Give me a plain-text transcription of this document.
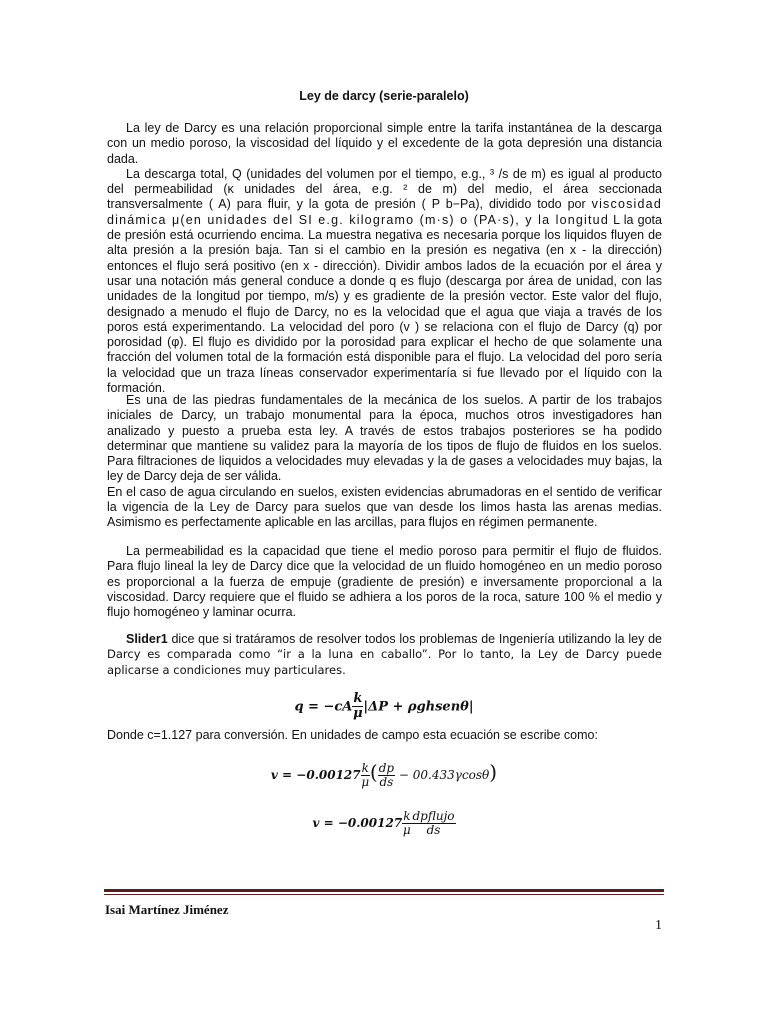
Ley de darcy (serie-paralelo)

La ley de Darcy es una relación proporcional simple entre la tarifa instantánea de la descarga con un medio poroso, la viscosidad del líquido y el excedente de la gota depresión una distancia dada.

La descarga total, Q (unidades del volumen por el tiempo, e.g., ³ /s de m) es igual al producto del permeabilidad (κ unidades del área, e.g. ² de m) del medio, el área seccionada transversalmente ( A) para fluir, y la gota de presión ( P b−Pa), dividido todo por viscosidad dinámica μ(en unidades del SI e.g. kilogramo (m·s) o (PA·s), y la longitud L la gota de presión está ocurriendo encima. La muestra negativa es necesaria porque los liquidos fluyen de alta presión a la presión baja. Tan si el cambio en la presión es negativa (en x - la dirección) entonces el flujo será positivo (en x - dirección). Dividir ambos lados de la ecuación por el área y usar una notación más general conduce a donde q es flujo (descarga por área de unidad, con las unidades de la longitud por tiempo, m/s) y es gradiente de la presión vector. Este valor del flujo, designado a menudo el flujo de Darcy, no es la velocidad que el agua que viaja a través de los poros está experimentando. La velocidad del poro (v ) se relaciona con el flujo de Darcy (q) por porosidad (φ). El flujo es dividido por la porosidad para explicar el hecho de que solamente una fracción del volumen total de la formación está disponible para el flujo. La velocidad del poro sería la velocidad que un traza líneas conservador experimentaría si fue llevado por el líquido con la formación.

Es una de las piedras fundamentales de la mecánica de los suelos. A partir de los trabajos iniciales de Darcy, un trabajo monumental para la época, muchos otros investigadores han analizado y puesto a prueba esta ley. A través de estos trabajos posteriores se ha podido determinar que mantiene su validez para la mayoría de los tipos de flujo de fluidos en los suelos. Para filtraciones de liquidos a velocidades muy elevadas y la de gases a velocidades muy bajas, la ley de Darcy deja de ser válida.

En el caso de agua circulando en suelos, existen evidencias abrumadoras en el sentido de verificar la vigencia de la Ley de Darcy para suelos que van desde los limos hasta las arenas medias. Asimismo es perfectamente aplicable en las arcillas, para flujos en régimen permanente.

La permeabilidad es la capacidad que tiene el medio poroso para permitir el flujo de fluidos. Para flujo lineal la ley de Darcy dice que la velocidad de un fluido homogéneo en un medio poroso es proporcional a la fuerza de empuje (gradiente de presión) e inversamente proporcional a la viscosidad. Darcy requiere que el fluido se adhiera a los poros de la roca, sature 100 % el medio y flujo homogéneo y laminar ocurra.

Slider1 dice que si tratáramos de resolver todos los problemas de Ingeniería utilizando la ley de Darcy es comparada como “ir a la luna en caballo”. Por lo tanto, la Ley de Darcy puede aplicarse a condiciones muy particulares.

$q = -cA \frac{k}{\mu} |\Delta P$ + ρghsenθ|

Donde c=1.127 para conversión. En unidades de campo esta ecuación se escribe como:

$v = -0.00127 \frac{k}{\mu}$ ( $\frac{dp}{ds} - 00.433\gamma\cos\theta$)
$v = -0.00127 \frac{k}{\mu} \frac{\text{dpflujo}}{ds}$
Isai Martínez Jiménez
1
